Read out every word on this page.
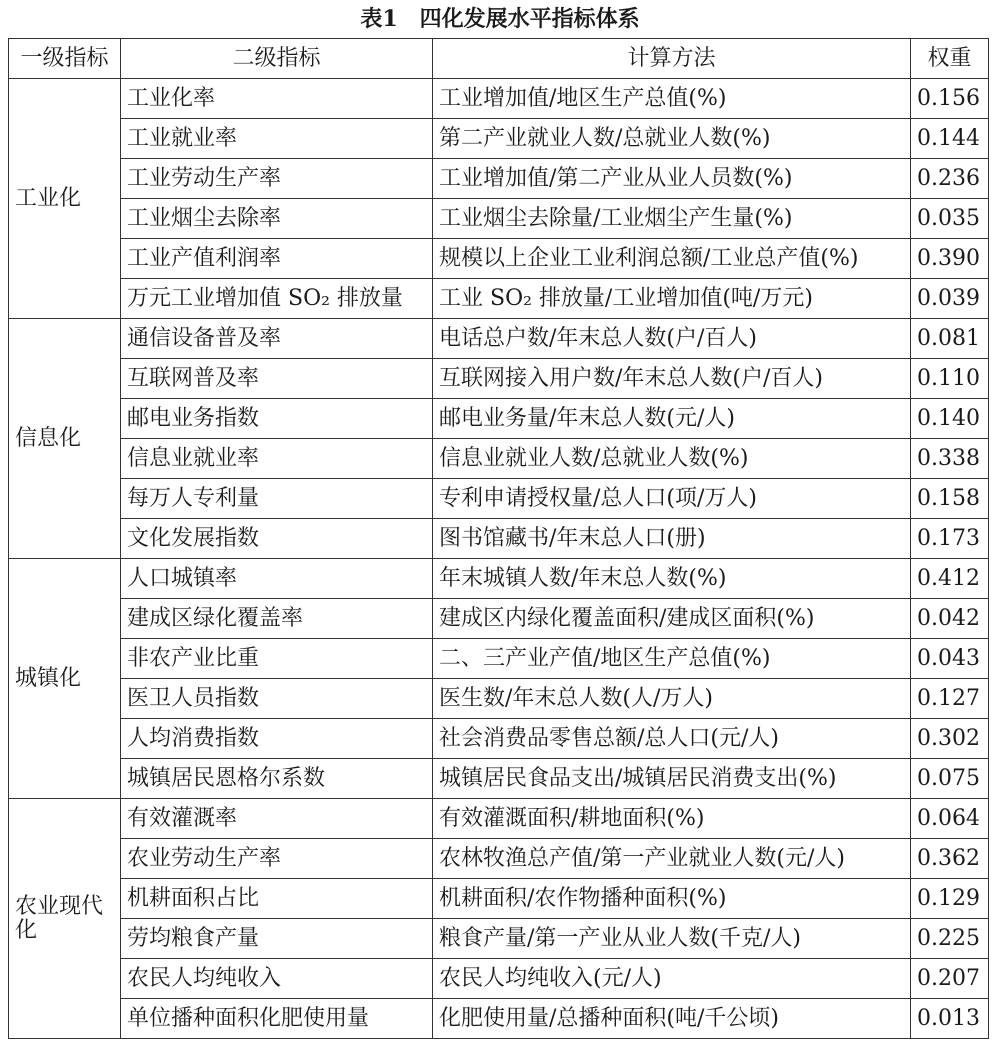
表1　四化发展水平指标体系
一级指标	二级指标	计算方法	权重
工业化	工业化率	工业增加值/地区生产总值(%)	0.156
	工业就业率	第二产业就业人数/总就业人数(%)	0.144
	工业劳动生产率	工业增加值/第二产业从业人员数(%)	0.236
	工业烟尘去除率	工业烟尘去除量/工业烟尘产生量(%)	0.035
	工业产值利润率	规模以上企业工业利润总额/工业总产值(%)	0.390
	万元工业增加值 SO₂ 排放量	工业 SO₂ 排放量/工业增加值(吨/万元)	0.039
信息化	通信设备普及率	电话总户数/年末总人数(户/百人)	0.081
	互联网普及率	互联网接入用户数/年末总人数(户/百人)	0.110
	邮电业务指数	邮电业务量/年末总人数(元/人)	0.140
	信息业就业率	信息业就业人数/总就业人数(%)	0.338
	每万人专利量	专利申请授权量/总人口(项/万人)	0.158
	文化发展指数	图书馆藏书/年末总人口(册)	0.173
城镇化	人口城镇率	年末城镇人数/年末总人数(%)	0.412
	建成区绿化覆盖率	建成区内绿化覆盖面积/建成区面积(%)	0.042
	非农产业比重	二、三产业产值/地区生产总值(%)	0.043
	医卫人员指数	医生数/年末总人数(人/万人)	0.127
	人均消费指数	社会消费品零售总额/总人口(元/人)	0.302
	城镇居民恩格尔系数	城镇居民食品支出/城镇居民消费支出(%)	0.075
农业现代化	有效灌溉率	有效灌溉面积/耕地面积(%)	0.064
	农业劳动生产率	农林牧渔总产值/第一产业就业人数(元/人)	0.362
	机耕面积占比	机耕面积/农作物播种面积(%)	0.129
	劳均粮食产量	粮食产量/第一产业从业人数(千克/人)	0.225
	农民人均纯收入	农民人均纯收入(元/人)	0.207
	单位播种面积化肥使用量	化肥使用量/总播种面积(吨/千公顷)	0.013
